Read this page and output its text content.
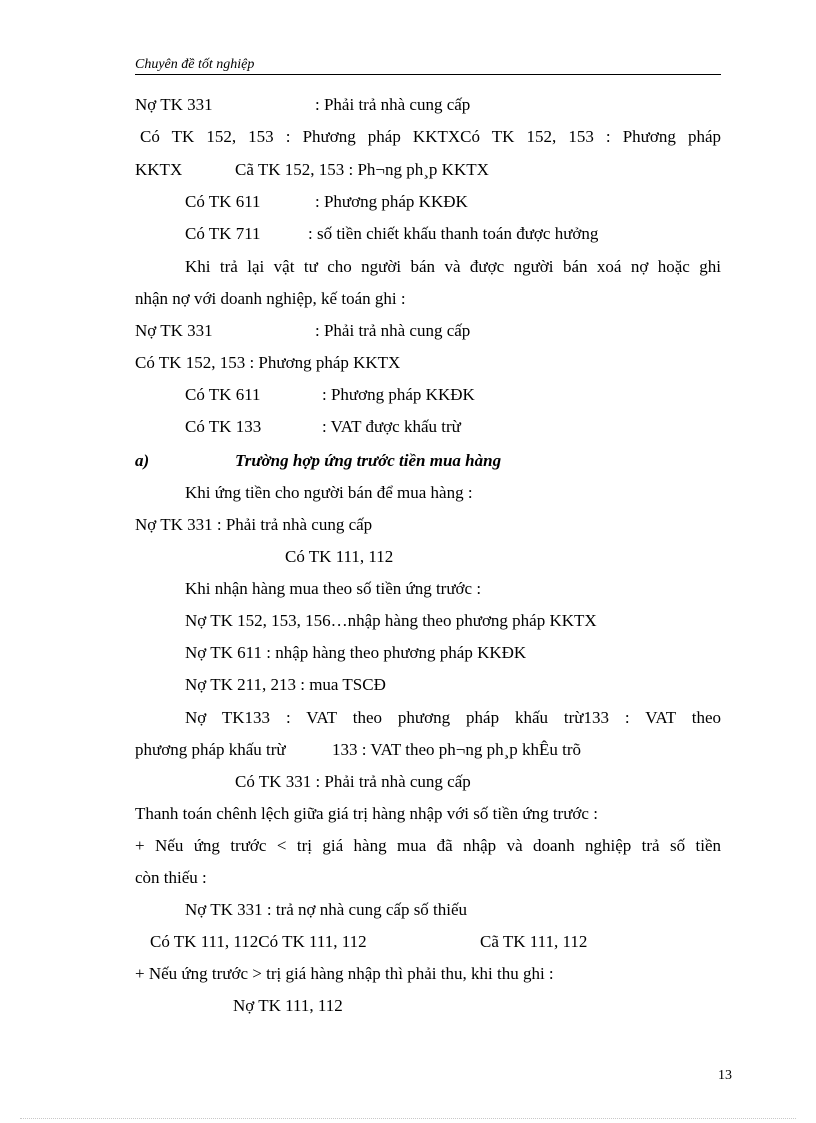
Chuyên đề tốt nghiệp
Nợ TK 331	: Phải trả nhà cung cấp
Có TK 152, 153 : Phương pháp KKTXCó TK 152, 153 : Phương pháp
KKTX	Cã TK 152, 153 : Ph¬ng ph¸p KKTX
Có TK 611	: Phương pháp KKĐK
Có TK 711	: số tiền chiết khấu thanh toán được hưởng
Khi trả lại vật tư cho người bán và được người bán xoá nợ hoặc ghi
nhận nợ với doanh nghiệp, kế toán ghi :
Nợ TK 331	: Phải trả nhà cung cấp
Có TK 152, 153 : Phương pháp KKTX
Có TK 611	: Phương pháp KKĐK
Có TK 133	: VAT được khấu trừ
a)	Trường hợp ứng trước tiền mua hàng
Khi ứng tiền cho người bán để mua hàng :
Nợ TK 331 : Phải trả nhà cung cấp
Có TK 111, 112
Khi nhận hàng mua theo số tiền ứng trước :
Nợ TK 152, 153, 156…nhập hàng theo phương pháp KKTX
Nợ TK 611 : nhập hàng theo phương pháp KKĐK
Nợ TK 211, 213 : mua TSCĐ
Nợ TK133 : VAT theo phương pháp khấu trừ133 : VAT theo
phương pháp khấu trừ	133 : VAT theo ph¬ng ph¸p khÊu trõ
Có TK 331 : Phải trả nhà cung cấp
Thanh toán chênh lệch giữa giá trị hàng nhập với số tiền ứng trước :
+ Nếu ứng trước < trị giá hàng mua đã nhập và doanh nghiệp trả số tiền
còn thiếu :
Nợ TK 331 : trả nợ nhà cung cấp số thiếu
Có TK 111, 112Có TK 111, 112	Cã TK 111, 112
+ Nếu ứng trước > trị giá hàng nhập thì phải thu, khi thu ghi :
Nợ TK 111, 112
13
